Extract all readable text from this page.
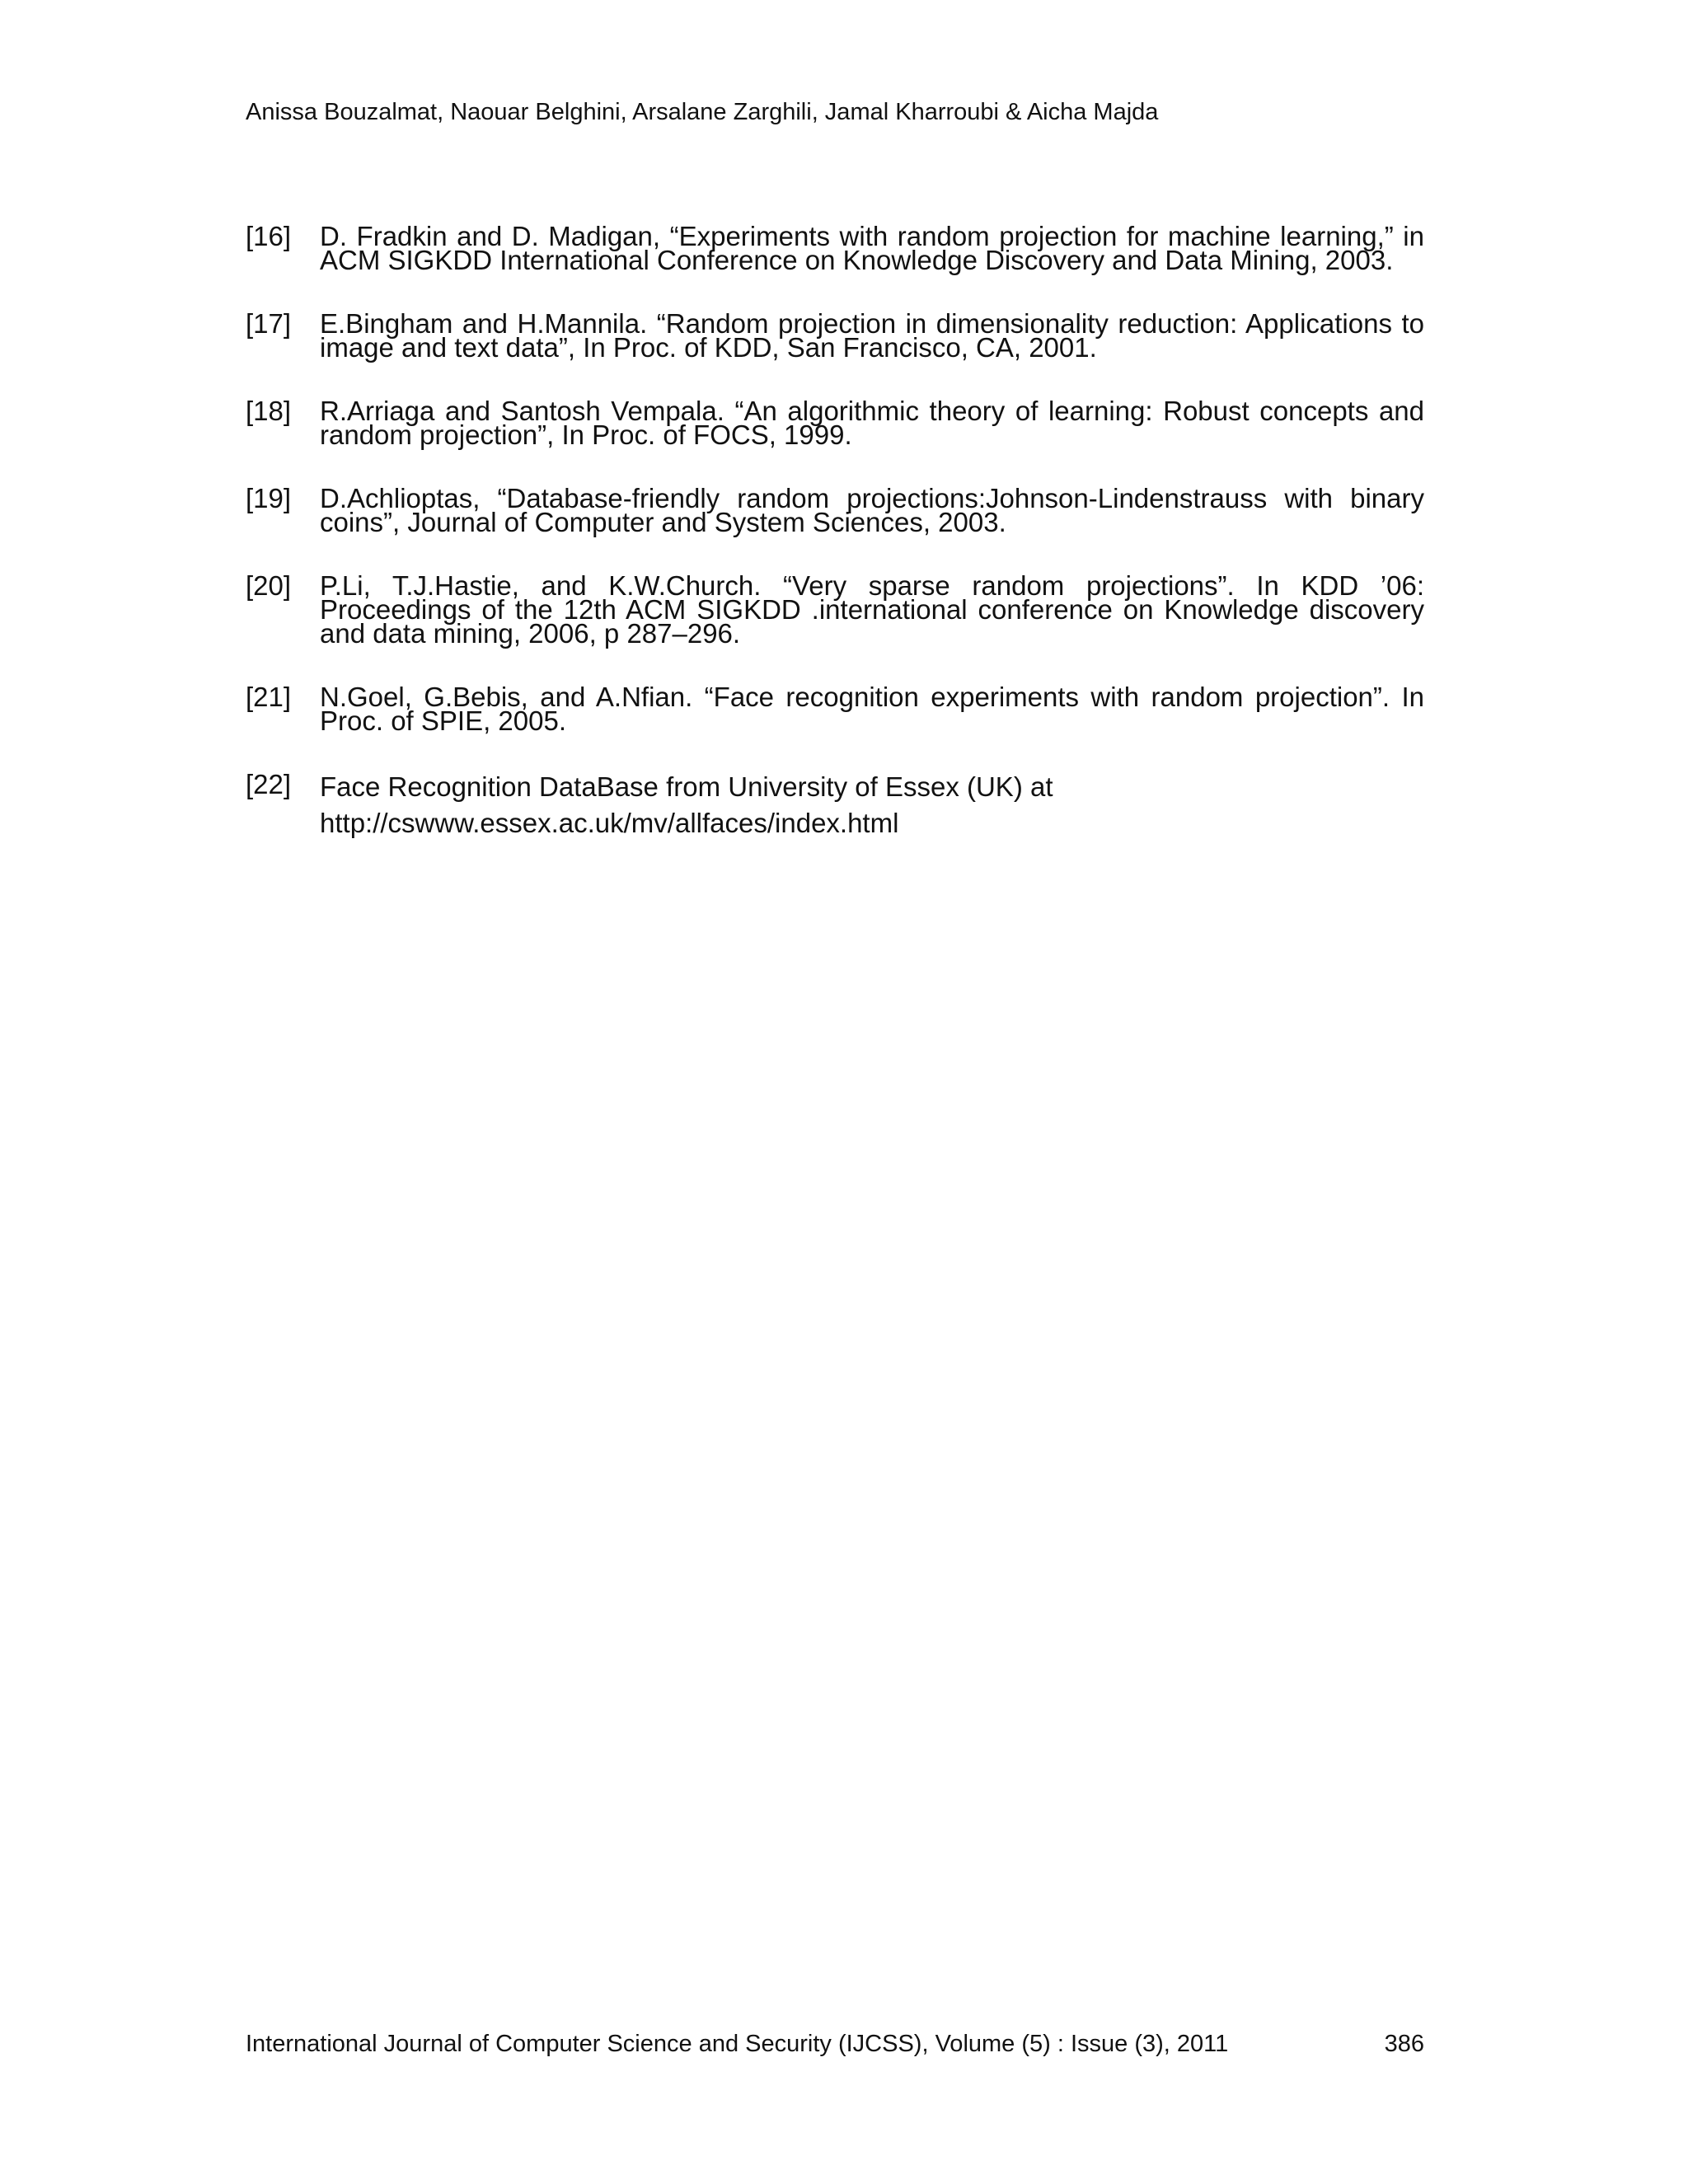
Anissa Bouzalmat, Naouar Belghini, Arsalane Zarghili, Jamal Kharroubi & Aicha Majda
[16] D. Fradkin and D. Madigan, “Experiments with random projection for machine learning,” in ACM SIGKDD International Conference on Knowledge Discovery and Data Mining, 2003.
[17] E.Bingham and H.Mannila. “Random projection in dimensionality reduction: Applications to image and text data”, In Proc. of KDD, San Francisco, CA, 2001.
[18] R.Arriaga and Santosh Vempala. “An algorithmic theory of learning: Robust concepts and random projection”, In Proc. of FOCS, 1999.
[19] D.Achlioptas, “Database-friendly random projections:Johnson-Lindenstrauss with binary coins”, Journal of Computer and System Sciences, 2003.
[20] P.Li, T.J.Hastie, and K.W.Church. “Very sparse random projections”. In KDD ’06: Proceedings of the 12th ACM SIGKDD .international conference on Knowledge discovery and data mining, 2006, p 287–296.
[21] N.Goel, G.Bebis, and A.Nfian. “Face recognition experiments with random projection”. In Proc. of SPIE, 2005.
[22] Face Recognition DataBase from University of Essex (UK) at
http://cswww.essex.ac.uk/mv/allfaces/index.html
International Journal of Computer Science and Security (IJCSS), Volume (5) : Issue (3), 2011	386
